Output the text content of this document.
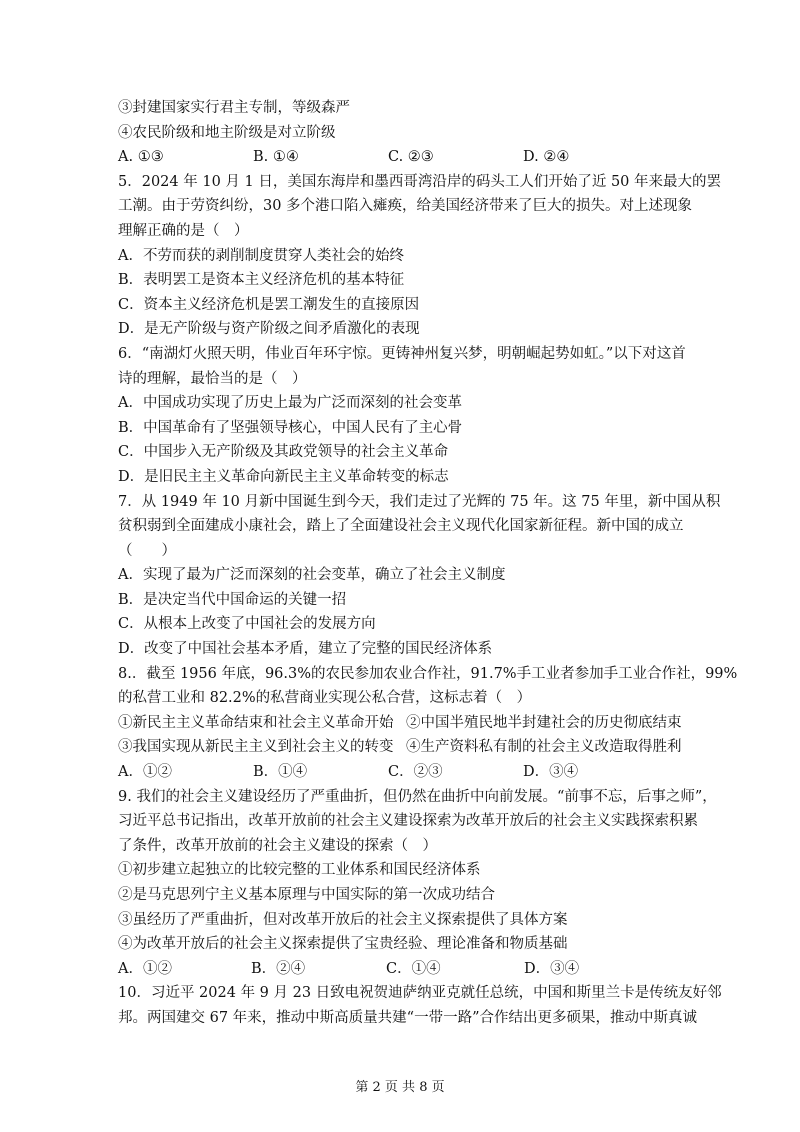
③封建国家实行君主专制，等级森严
④农民阶级和地主阶级是对立阶级
A. ①③	B. ①④	C. ②③	D. ②④
5．2024 年 10 月 1 日，美国东海岸和墨西哥湾沿岸的码头工人们开始了近 50 年来最大的罢
工潮。由于劳资纠纷，30 多个港口陷入瘫痪，给美国经济带来了巨大的损失。对上述现象
理解正确的是（　）
A．不劳而获的剥削制度贯穿人类社会的始终
B．表明罢工是资本主义经济危机的基本特征
C．资本主义经济危机是罢工潮发生的直接原因
D．是无产阶级与资产阶级之间矛盾激化的表现
6．“南湖灯火照天明，伟业百年环宇惊。更铸神州复兴梦，明朝崛起势如虹。”以下对这首
诗的理解，最恰当的是（　）
A．中国成功实现了历史上最为广泛而深刻的社会变革
B．中国革命有了坚强领导核心，中国人民有了主心骨
C．中国步入无产阶级及其政党领导的社会主义革命
D．是旧民主主义革命向新民主主义革命转变的标志
7．从 1949 年 10 月新中国诞生到今天，我们走过了光辉的 75 年。这 75 年里，新中国从积
贫积弱到全面建成小康社会，踏上了全面建设社会主义现代化国家新征程。新中国的成立
（　　）
A．实现了最为广泛而深刻的社会变革，确立了社会主义制度
B．是决定当代中国命运的关键一招
C．从根本上改变了中国社会的发展方向
D．改变了中国社会基本矛盾，建立了完整的国民经济体系
8.．截至 1956 年底，96.3%的农民参加农业合作社，91.7%手工业者参加手工业合作社，99%
的私营工业和 82.2%的私营商业实现公私合营，这标志着（　）
①新民主主义革命结束和社会主义革命开始 ②中国半殖民地半封建社会的历史彻底结束
③我国实现从新民主主义到社会主义的转变 ④生产资料私有制的社会主义改造取得胜利
A．①②	B．①④	C．②③	D．③④
9. 我们的社会主义建设经历了严重曲折，但仍然在曲折中向前发展。“前事不忘，后事之师”，
习近平总书记指出，改革开放前的社会主义建设探索为改革开放后的社会主义实践探索积累
了条件，改革开放前的社会主义建设的探索（　）
①初步建立起独立的比较完整的工业体系和国民经济体系
②是马克思列宁主义基本原理与中国实际的第一次成功结合
③虽经历了严重曲折，但对改革开放后的社会主义探索提供了具体方案
④为改革开放后的社会主义探索提供了宝贵经验、理论准备和物质基础
A．①②	B．②④	C．①④	D．③④
10．习近平 2024 年 9 月 23 日致电祝贺迪萨纳亚克就任总统，中国和斯里兰卡是传统友好邻
邦。两国建交 67 年来，推动中斯高质量共建“一带一路”合作结出更多硕果，推动中斯真诚
第 2 页 共 8 页
